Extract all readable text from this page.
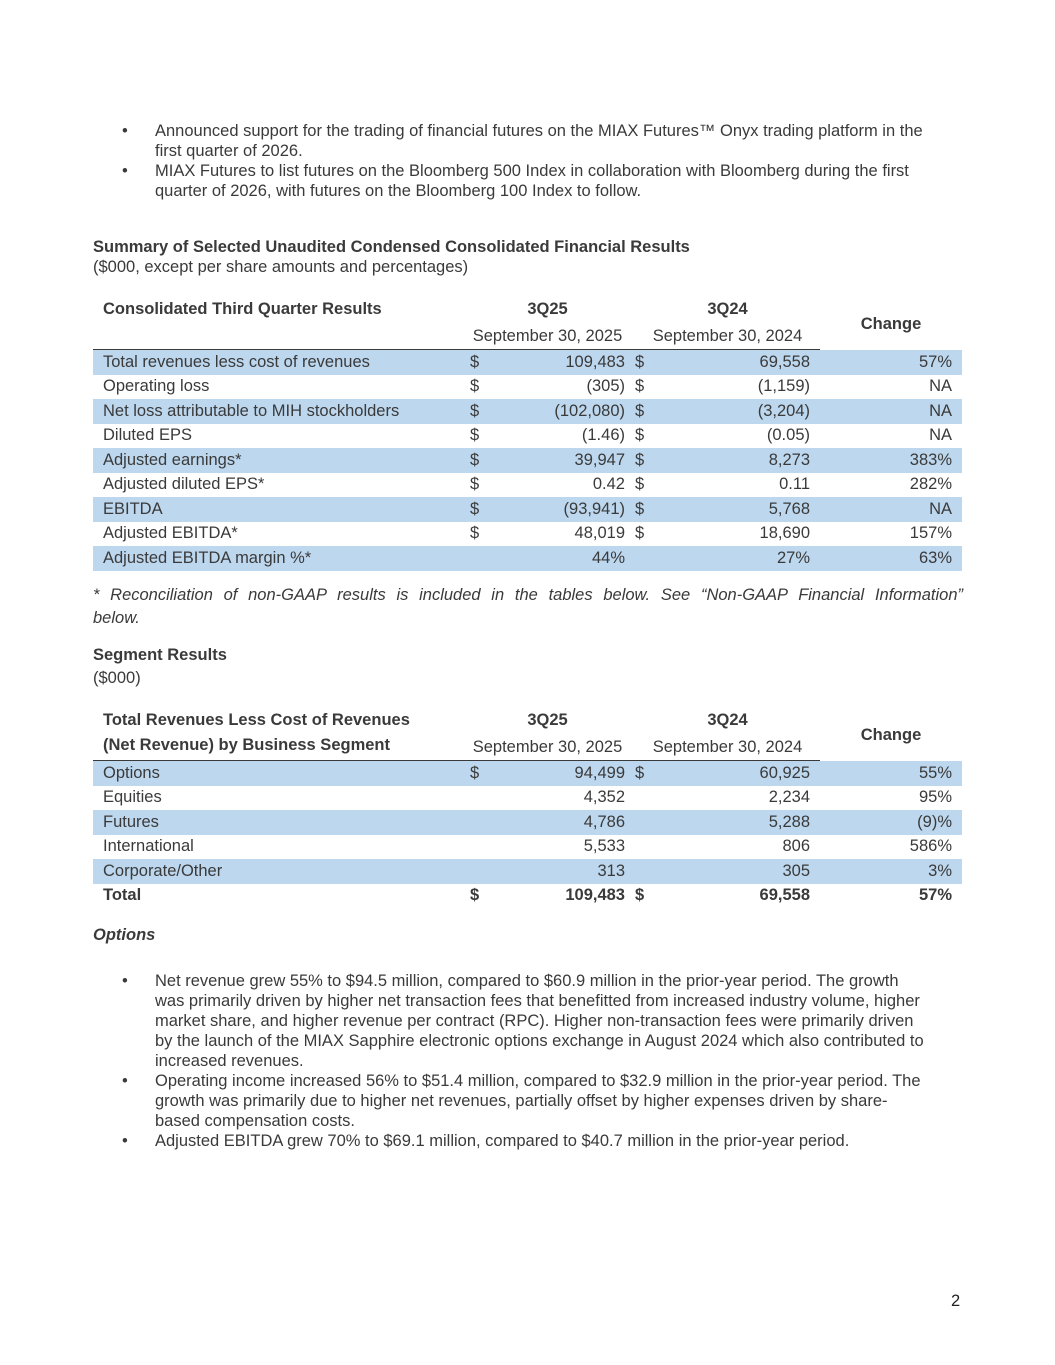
• Announced support for the trading of financial futures on the MIAX Futures™ Onyx trading platform in the
first quarter of 2026.
• MIAX Futures to list futures on the Bloomberg 500 Index in collaboration with Bloomberg during the first
quarter of 2026, with futures on the Bloomberg 100 Index to follow.
Summary of Selected Unaudited Condensed Consolidated Financial Results
($000, except per share amounts and percentages)
Consolidated Third Quarter Results	3Q25		3Q24		Change
	September 30, 2025		September 30, 2024		
Total revenues less cost of revenues	$	109,483	$	69,558	57%
Operating loss	$	(305)	$	(1,159)	NA
Net loss attributable to MIH stockholders	$	(102,080)	$	(3,204)	NA
Diluted EPS	$	(1.46)	$	(0.05)	NA
Adjusted earnings*	$	39,947	$	8,273	383%
Adjusted diluted EPS*	$	0.42	$	0.11	282%
EBITDA	$	(93,941)	$	5,768	NA
Adjusted EBITDA*	$	48,019	$	18,690	157%
Adjusted EBITDA margin %*		44%		27%	63%
* Reconciliation of non-GAAP results is included in the tables below. See “Non-GAAP Financial Information”
below.
Segment Results
($000)
Total Revenues Less Cost of Revenues	3Q25		3Q24		Change
(Net Revenue) by Business Segment	September 30, 2025		September 30, 2024		
Options	$	94,499	$	60,925	55%
Equities		4,352		2,234	95%
Futures		4,786		5,288	(9)%
International		5,533		806	586%
Corporate/Other		313		305	3%
Total	$	109,483	$	69,558	57%
Options
• Net revenue grew 55% to $94.5 million, compared to $60.9 million in the prior-year period. The growth
was primarily driven by higher net transaction fees that benefitted from increased industry volume, higher
market share, and higher revenue per contract (RPC). Higher non-transaction fees were primarily driven
by the launch of the MIAX Sapphire electronic options exchange in August 2024 which also contributed to
increased revenues.
• Operating income increased 56% to $51.4 million, compared to $32.9 million in the prior-year period. The
growth was primarily due to higher net revenues, partially offset by higher expenses driven by share-
based compensation costs.
• Adjusted EBITDA grew 70% to $69.1 million, compared to $40.7 million in the prior-year period.
2
